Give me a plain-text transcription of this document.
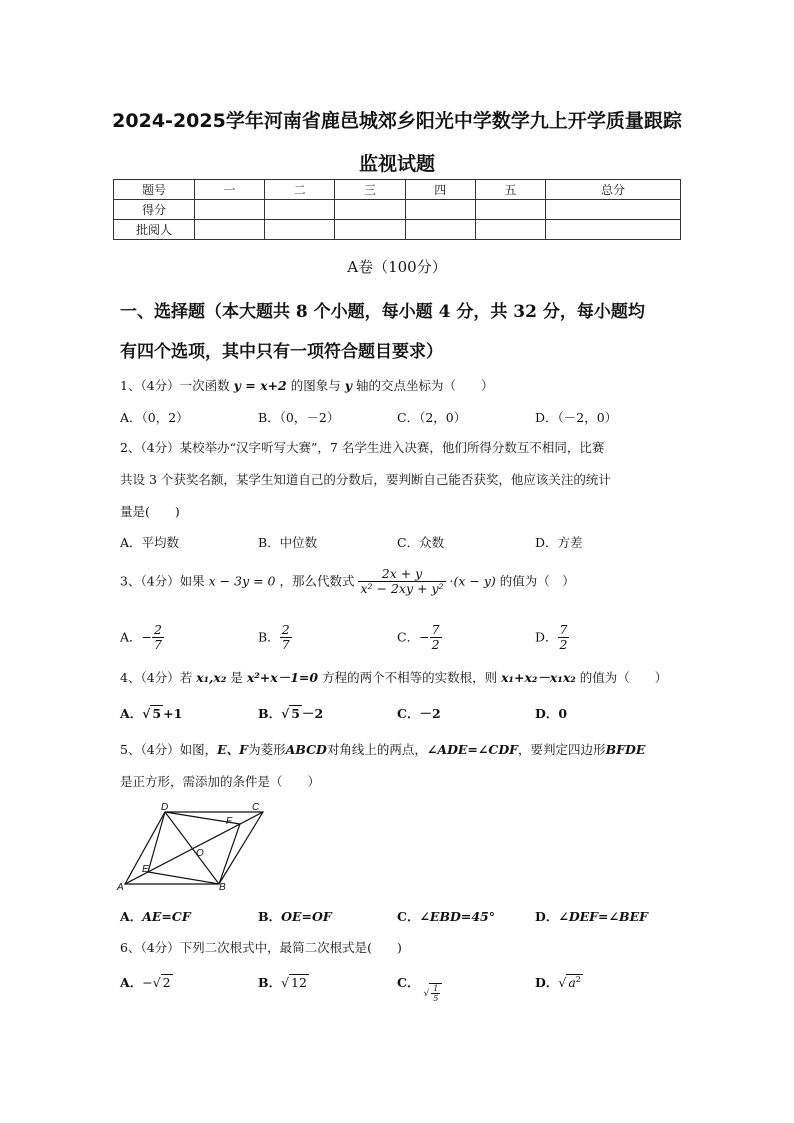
2024-2025学年河南省鹿邑城郊乡阳光中学数学九上开学质量跟踪
监视试题
题号	一	二	三	四	五	总分
得分						
批阅人						
A卷（100分）
一、选择题（本大题共 8 个小题，每小题 4 分，共 32 分，每小题均
有四个选项，其中只有一项符合题目要求）
1、（4分）一次函数 y = x+2 的图象与 y 轴的交点坐标为（　　）
A．（0，2）	B．（0，－2）	C．（2，0）	D．（－2，0）
2、（4分）某校举办“汉字听写大赛”，7 名学生进入决赛，他们所得分数互不相同，比赛
共设 3 个获奖名额，某学生知道自己的分数后，要判断自己能否获奖，他应该关注的统计
量是(　　)
A．平均数	B．中位数	C．众数	D．方差
3、（4分）如果 x − 3y = 0 ，那么代数式 $\frac{2x + y}{\text{x² − 2xy + y²}} \cdot(x - y)$ 的值为（　）
A．− $\frac{2}{7}$	B． $\frac{2}{7}$	C．− $\frac{7}{2}$	D． $\frac{7}{2}$
4、（4分）若 x₁,x₂ 是 x²+x－1=0 方程的两个不相等的实数根，则 x₁+x₂－x₁x₂ 的值为（　　）
A．√ 5 +1	B．√ 5 －2	C．－2	D．0
5、（4分）如图，E、F为菱形ABCD对角线上的两点，∠ADE=∠CDF，要判定四边形BFDE
是正方形，需添加的条件是（　　）
A	B
C
D
E
F
O
A．AE=CF	B．OE=OF	C．∠EBD=45°	D．∠DEF=∠BEF
6、（4分）下列二次根式中，最简二次根式是(　　)
A．−√ 2	B．√ 12	C． √ $\frac{1}{5}$
D．√ $a^2$
